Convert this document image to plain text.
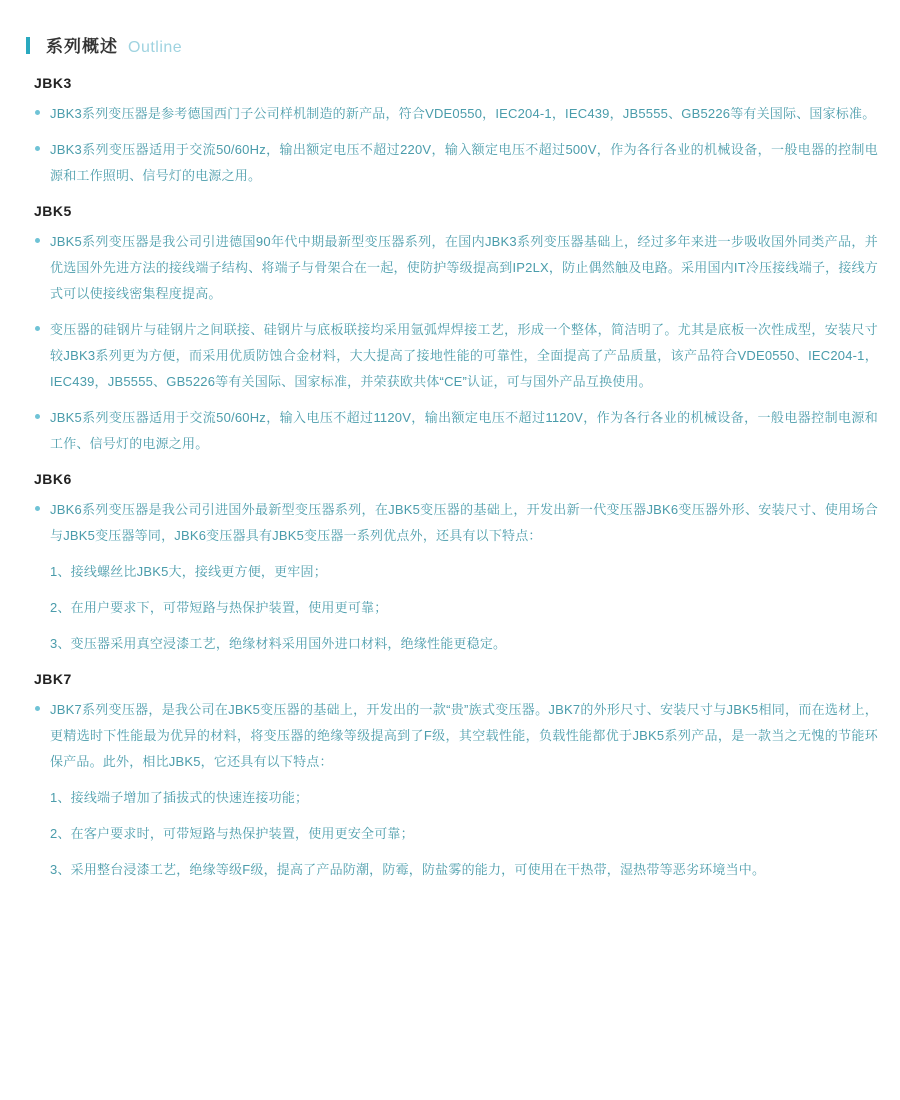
系列概述 Outline
JBK3

JBK3系列变压器是参考德国西门子公司样机制造的新产品，符合VDE0550，IEC204-1，IEC439，JB5555、GB5226等有关国际、国家标准。

JBK3系列变压器适用于交流50/60Hz，输出额定电压不超过220V，输入额定电压不超过500V，作为各行各业的机械设备，一般电器的控制电源和工作照明、信号灯的电源之用。

JBK5

JBK5系列变压器是我公司引进德国90年代中期最新型变压器系列，在国内JBK3系列变压器基础上，经过多年来进一步吸收国外同类产品，并优选国外先进方法的接线端子结构、将端子与骨架合在一起，使防护等级提高到IP2LX，防止偶然触及电路。采用国内IT冷压接线端子，接线方式可以使接线密集程度提高。

变压器的硅钢片与硅钢片之间联接、硅钢片与底板联接均采用氩弧焊焊接工艺，形成一个整体，简洁明了。尤其是底板一次性成型，安装尺寸较JBK3系列更为方便，而采用优质防蚀合金材料，大大提高了接地性能的可靠性，全面提高了产品质量，该产品符合VDE0550、IEC204-1，IEC439，JB5555、GB5226等有关国际、国家标准，并荣获欧共体“CE”认证，可与国外产品互换使用。

JBK5系列变压器适用于交流50/60Hz，输入电压不超过1120V，输出额定电压不超过1120V，作为各行各业的机械设备，一般电器控制电源和工作、信号灯的电源之用。

JBK6

JBK6系列变压器是我公司引进国外最新型变压器系列，在JBK5变压器的基础上，开发出新一代变压器JBK6变压器外形、安装尺寸、使用场合与JBK5变压器等同，JBK6变压器具有JBK5变压器一系列优点外，还具有以下特点：

1、接线螺丝比JBK5大，接线更方便，更牢固；

2、在用户要求下，可带短路与热保护装置，使用更可靠；

3、变压器采用真空浸漆工艺，绝缘材料采用国外进口材料，绝缘性能更稳定。

JBK7

JBK7系列变压器，是我公司在JBK5变压器的基础上，开发出的一款“贵”族式变压器。JBK7的外形尺寸、安装尺寸与JBK5相同，而在选材上，更精选时下性能最为优异的材料，将变压器的绝缘等级提高到了F级，其空载性能，负载性能都优于JBK5系列产品，是一款当之无愧的节能环保产品。此外，相比JBK5，它还具有以下特点：

1、接线端子增加了插拔式的快速连接功能；

2、在客户要求时，可带短路与热保护装置，使用更安全可靠；

3、采用整台浸漆工艺，绝缘等级F级，提高了产品防潮，防霉，防盐雾的能力，可使用在干热带，湿热带等恶劣环境当中。
